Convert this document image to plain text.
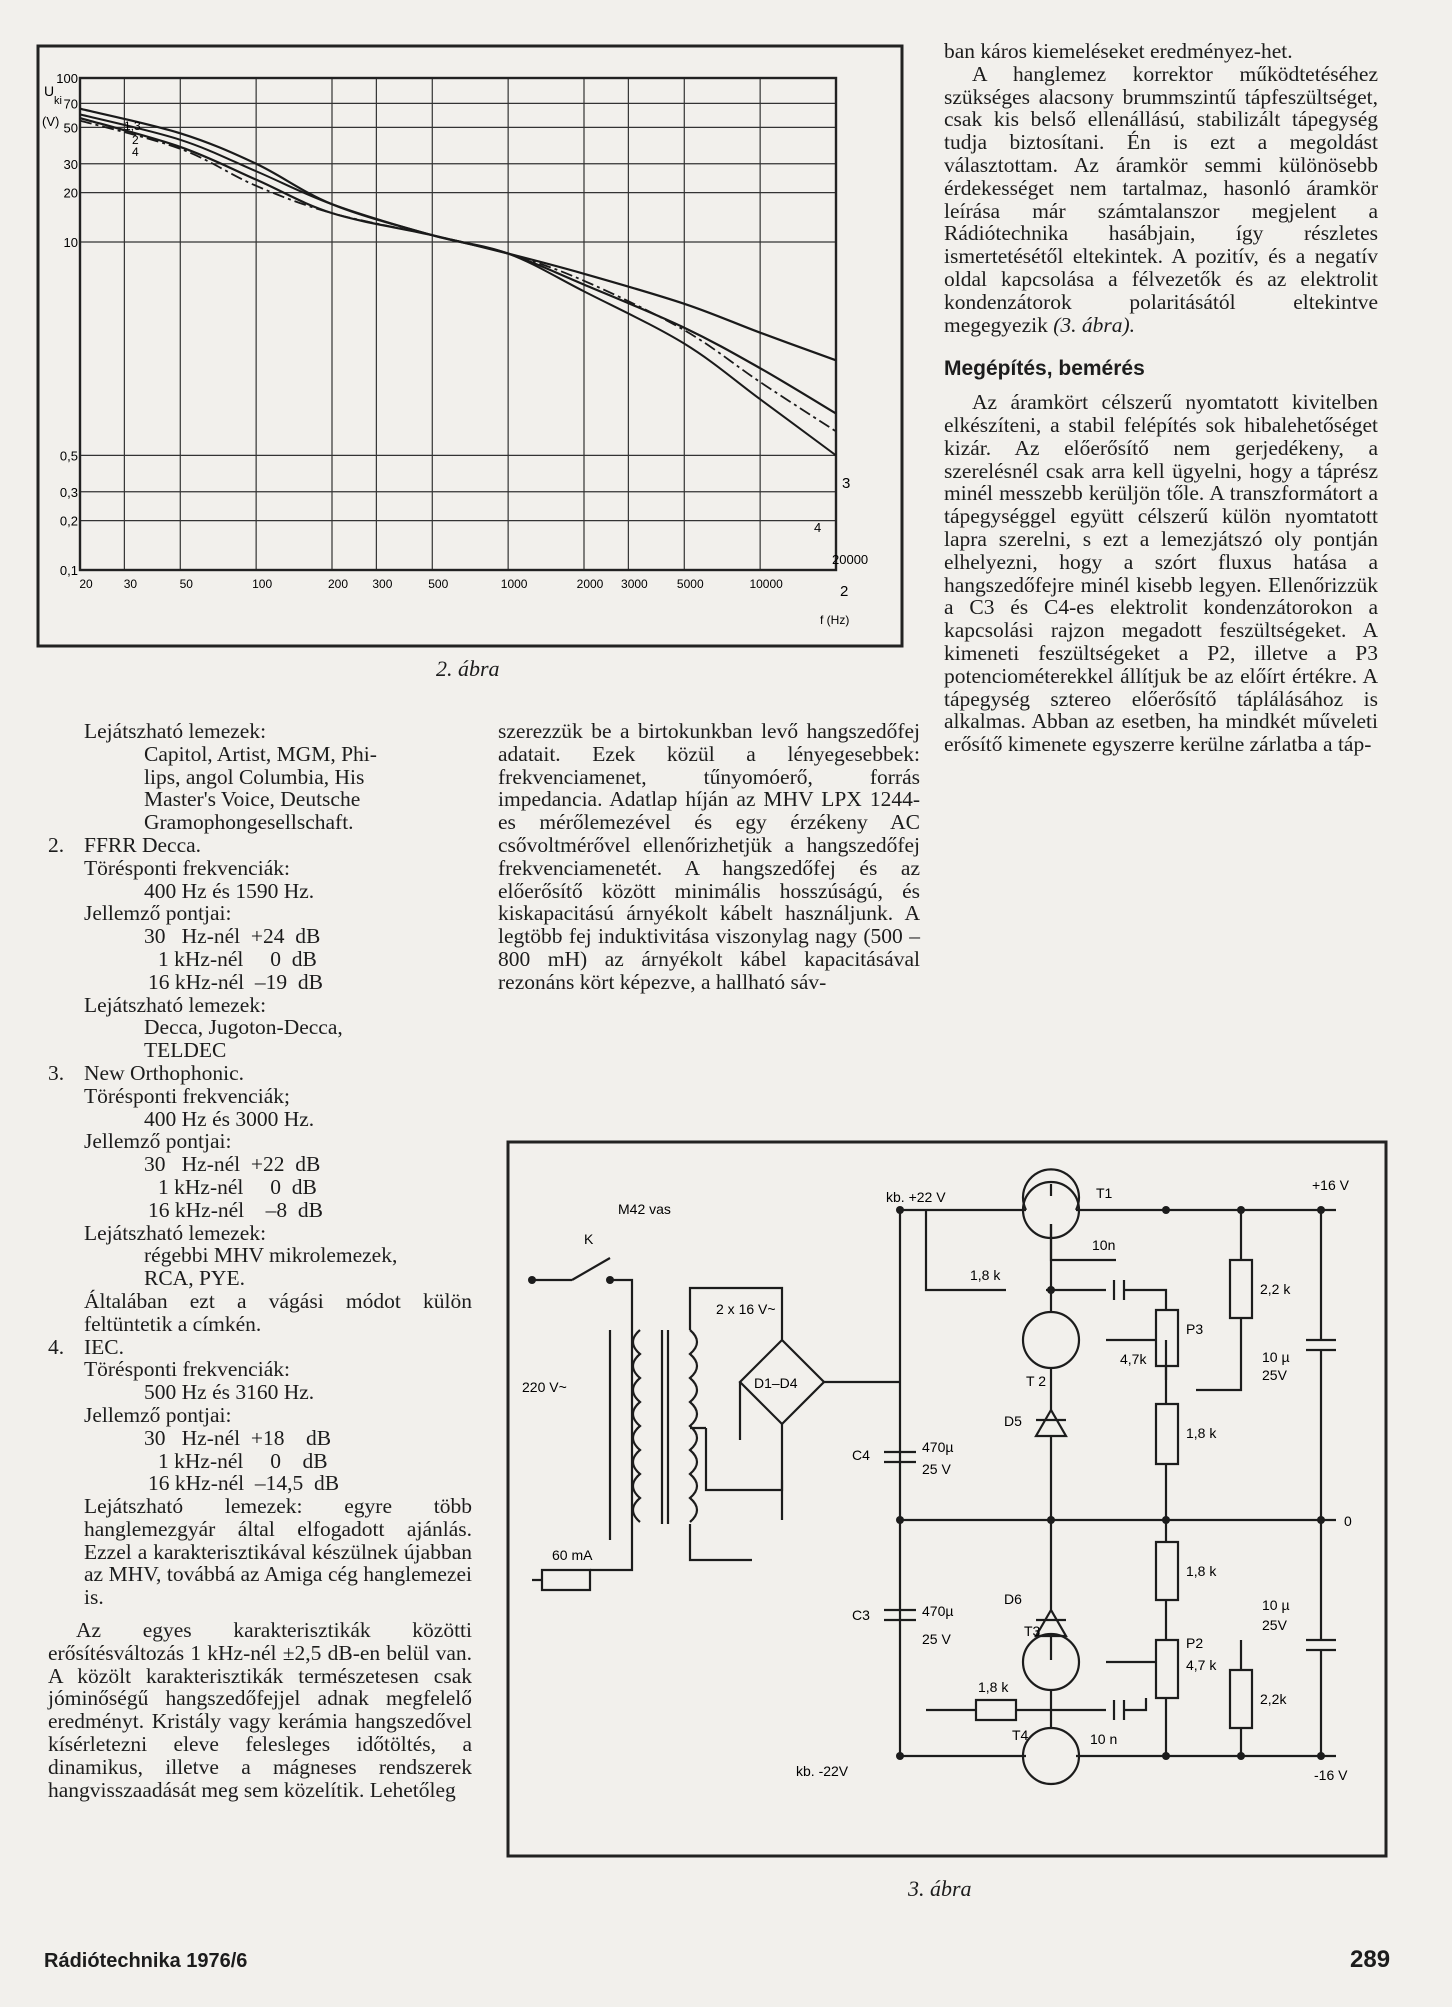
100
70
50
30
20
10
0,5
0,3
0,2
0,1
20	30	50	100	200 300	500	1000	2000 3000 5000	10000
U
ki
(V)
f (Hz)
1,3
2
4
3
4
2
20000
2. ábra

ban káros kiemeléseket eredményez-het.

A hanglemez korrektor működtetéséhez szükséges alacsony brummszintű tápfeszültséget, csak kis belső ellenállású, stabilizált tápegység tudja biztosítani. Én is ezt a megoldást választottam. Az áramkör semmi különösebb érdekességet nem tartalmaz, hasonló áramkör leírása már számtalanszor megjelent a Rádiótechnika hasábjain, így részletes ismertetésétől eltekintek. A pozitív, és a negatív oldal kapcsolása a félvezetők és az elektrolit kondenzátorok polaritásától eltekintve megegyezik (3. ábra).

Megépítés, bemérés

Az áramkört célszerű nyomtatott kivitelben elkészíteni, a stabil felépítés sok hibalehetőséget kizár. Az előerősítő nem gerjedékeny, a szerelésnél csak arra kell ügyelni, hogy a táprész minél messzebb kerüljön tőle. A transzformátort a tápegységgel együtt célszerű külön nyomtatott lapra szerelni, s ezt a lemezjátszó oly pontján elhelyezni, hogy a szórt fluxus hatása a hangszedőfejre minél kisebb legyen. Ellenőrizzük a C3 és C4-es elektrolit kondenzátorokon a kapcsolási rajzon megadott feszültségeket. A kimeneti feszültségeket a P2, illetve a P3 potenciométerekkel állítjuk be az előírt értékre. A tápegység sztereo előerősítő táplálásához is alkalmas. Abban az esetben, ha mindkét műveleti erősítő kimenete egyszerre kerülne zárlatba a táp-

szerezzük be a birtokunkban levő hangszedőfej adatait. Ezek közül a lényegesebbek: frekvenciamenet, tűnyomóerő, forrás impedancia. Adatlap híján az MHV LPX 1244-es mérőlemezével és egy érzékeny AC csővoltmérővel ellenőrizhetjük a hangszedőfej frekvenciamenetét. A hangszedőfej és az előerősítő között minimális hosszúságú, és kiskapacitású árnyékolt kábelt használjunk. A legtöbb fej induktivitása viszonylag nagy (500 – 800 mH) az árnyékolt kábel kapacitásával rezonáns kört képezve, a hallható sáv-

Lejátszható lemezek:
Capitol, Artist, MGM, Phi-
lips, angol Columbia, His
Master's Voice, Deutsche
Gramophongesellschaft.
2. FFRR Decca.
Törésponti frekvenciák:
400 Hz és 1590 Hz.
Jellemző pontjai:
30   Hz-nél  +24  dB
1 kHz-nél     0  dB
16 kHz-nél  –19  dB
Lejátszható lemezek:
Decca, Jugoton-Decca,
TELDEC
3. New Orthophonic.
Törésponti frekvenciák;
400 Hz és 3000 Hz.
Jellemző pontjai:
30   Hz-nél  +22  dB
1 kHz-nél     0  dB
16 kHz-nél    –8  dB
Lejátszható lemezek:
régebbi MHV mikrolemezek,
RCA, PYE.
Általában ezt a vágási módot külön feltüntetik a címkén.
4. IEC.
Törésponti frekvenciák:
500 Hz és 3160 Hz.
Jellemző pontjai:
30   Hz-nél  +18    dB
1 kHz-nél     0    dB
16 kHz-nél  –14,5  dB
Lejátszható lemezek: egyre több hanglemezgyár által elfogadott ajánlás. Ezzel a karakterisztikával készülnek újabban az MHV, továbbá az Amiga cég hanglemezei is.
Az egyes karakterisztikák közötti erősítésváltozás 1 kHz-nél ±2,5 dB-en belül van. A közölt karakterisztikák természetesen csak jóminőségű hangszedőfejjel adnak megfelelő eredményt. Kristály vagy kerámia hangszedővel kísérletezni eleve felesleges időtöltés, a dinamikus, illetve a mágneses rendszerek hangvisszaadását meg sem közelítik. Lehetőleg
K
M42 vas
2 x 16 V~
220 V~
60 mA
D1–D4
C4	470µ
25 V
C3	470µ
25 V
kb. +22 V
kb. -22V
T1
T 2
T3
T4
1,8 k
1,8 k
10n
10 n
4,7k
P3
P2
4,7 k
2,2 k
2,2k
1,8 k
1,8 k
D5
D6
10 µ
25V
10 µ
25V
+16 V
0
-16 V
3. ábra
Rádiótechnika 1976/6	289
